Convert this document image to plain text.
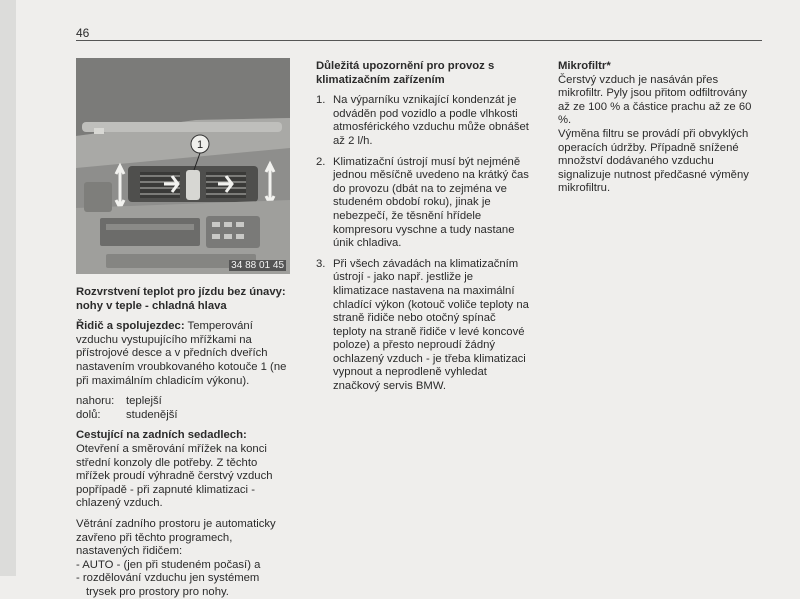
46
1
34 88 01 45

Rozvrstvení teplot pro jízdu bez únavy: nohy v teple - chladná hlava

Řidič a spolujezdec: Temperování vzduchu vystupujícího mřížkami na přístrojové desce a v předních dveřích nastavením vroubkovaného kotouče 1 (ne při maximálním chladicím výkonu).

nahoru:	teplejší
dolů:	studenější

Cestující na zadních sedadlech: Otevření a směrování mřížek na konci střední konzoly dle potřeby. Z těchto mřížek proudí výhradně čerstvý vzduch popřípadě - při zapnuté klimatizaci - chlazený vzduch.

Větrání zadního prostoru je automaticky zavřeno při těchto programech, nastavených řidičem:

- AUTO - (jen při studeném počasí) a

- rozdělování vzduchu jen systémem trysek pro prostory pro nohy.

Důležitá upozornění pro provoz s klimatizačním zařízením

1. Na výparníku vznikající kondenzát je odváděn pod vozidlo a podle vlhkosti atmosférického vzduchu může obnášet až 2 l/h.
2. Klimatizační ústrojí musí být nejméně jednou měsíčně uvedeno na krátký čas do provozu (dbát na to zejména ve studeném období roku), jinak je nebezpečí, že těsnění hřídele kompresoru vyschne a tudy nastane únik chladiva.
3. Při všech závadách na klimatizačním ústrojí - jako např. jestliže je klimatizace nastavena na maximální chladící výkon (kotouč voliče teploty na straně řidiče nebo otočný spínač teploty na straně řidiče v levé koncové poloze) a přesto neproudí žádný ochlazený vzduch - je třeba klimatizaci vypnout a neprodleně vyhledat značkový servis BMW.

Mikrofiltr*

Čerstvý vzduch je nasáván přes mikrofiltr. Pyly jsou přitom odfiltrovány až ze 100 % a částice prachu až ze 60 %.

Výměna filtru se provádí při obvyklých operacích údržby. Případně snížené množství dodávaného vzduchu signalizuje nutnost předčasné výměny mikrofiltru.
